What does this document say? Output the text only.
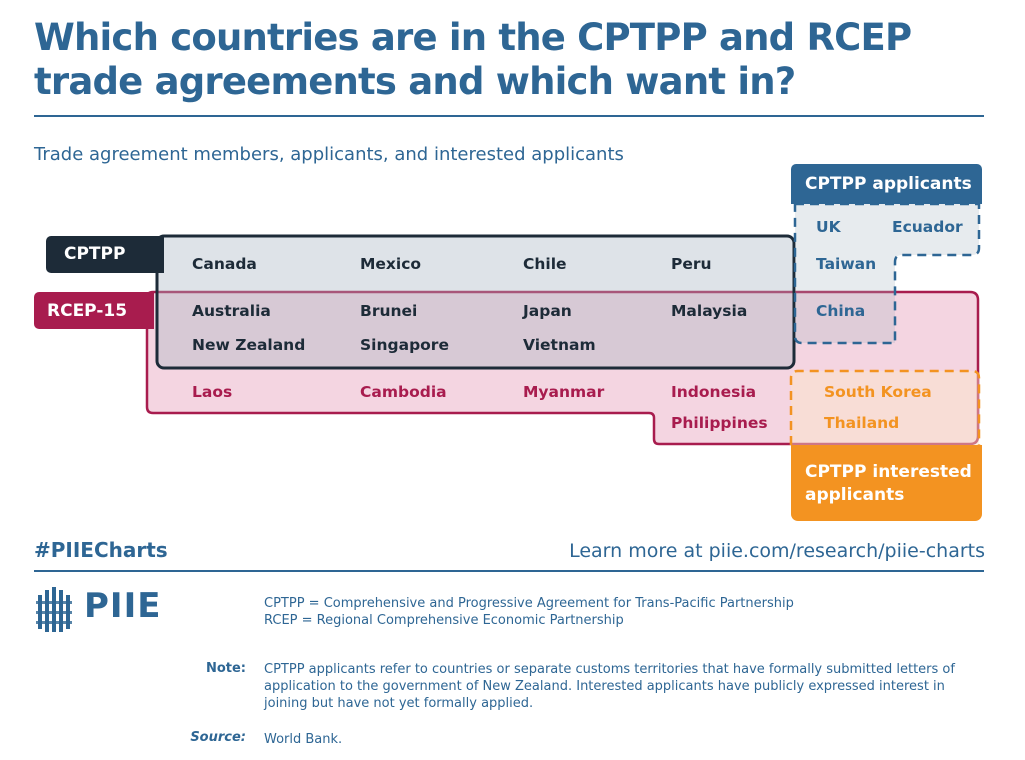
Which countries are in the CPTPP and RCEP trade agreements and which want in?
Trade agreement members, applicants, and interested applicants
CPTPP
RCEP-15
CPTPP applicants
CPTPP interested applicants
Canada	Mexico	Chile	Peru
Australia	Brunei	Japan	Malaysia
New Zealand	Singapore	Vietnam
Laos	Cambodia	Myanmar	Indonesia
Philippines
UK	Ecuador
Taiwan
China
South Korea
Thailand
#PIIECharts	Learn more at piie.com/research/piie-charts
PIIE	CPTPP = Comprehensive and Progressive Agreement for Trans-Pacific Partnership
RCEP = Regional Comprehensive Economic Partnership
Note: CPTPP applicants refer to countries or separate customs territories that have formally submitted letters of application to the government of New Zealand. Interested applicants have publicly expressed interest in joining but have not yet formally applied.
Source: World Bank.
